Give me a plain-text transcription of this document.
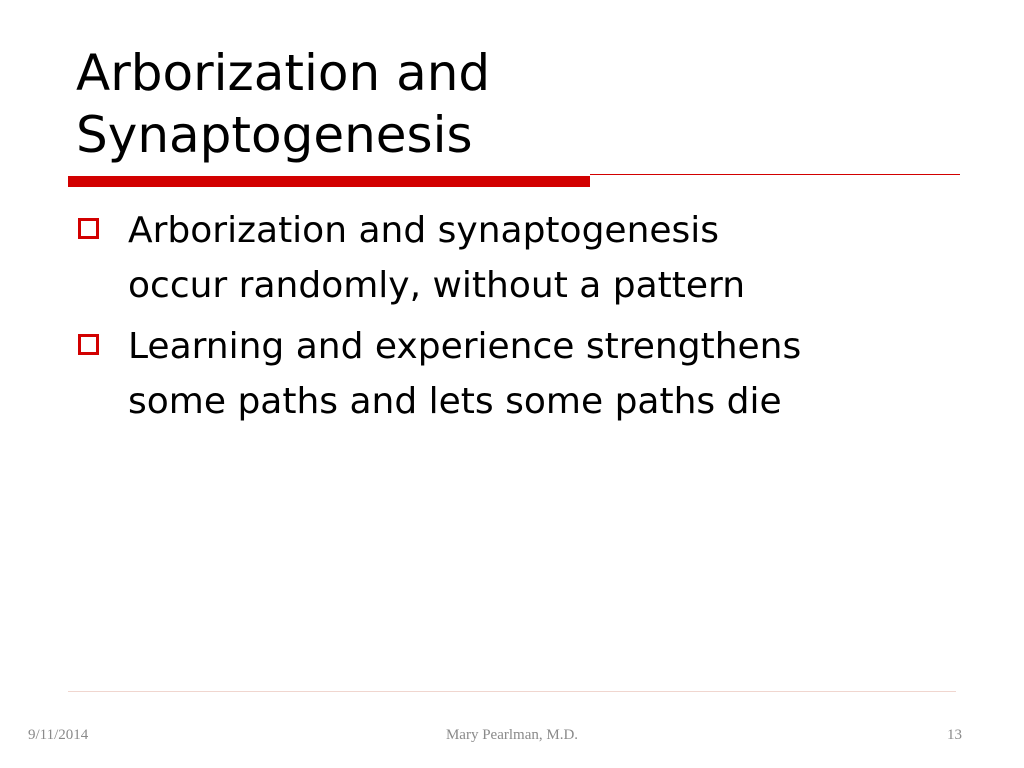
Arborization and
Synaptogenesis
Arborization and synaptogenesis
occur randomly, without a pattern
Learning and experience strengthens
some paths and lets some paths die
9/11/2014	Mary Pearlman, M.D.	13
